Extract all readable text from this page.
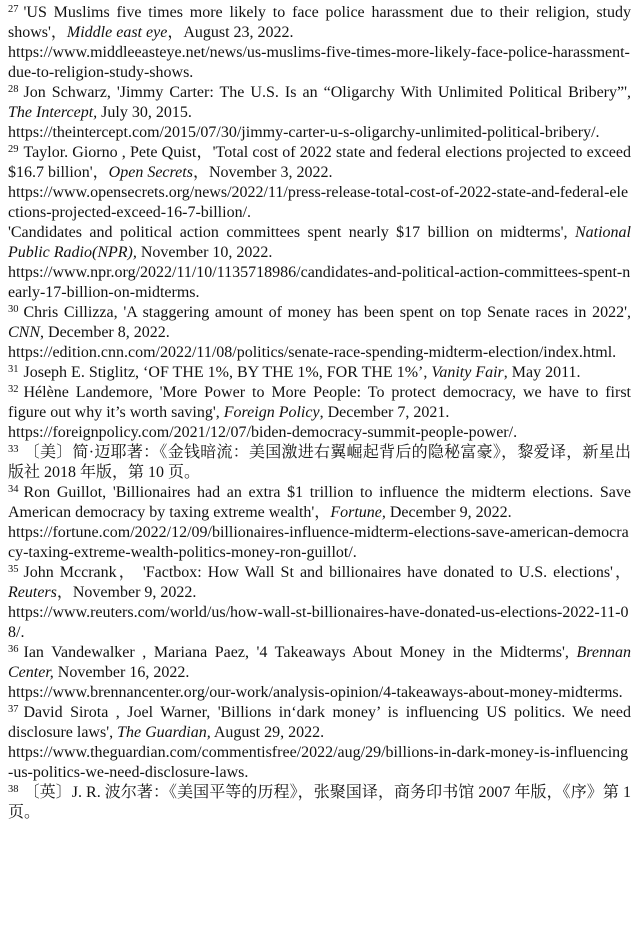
$^{27}$ 'US Muslims five times more likely to face police harassment due to their religion, study shows'，Middle east eye，August 23, 2022.
https://www.middleeasteye.net/news/us-muslims-five-times-more-likely-face-police-harassment-due-to-religion-study-shows.

$^{28}$ Jon Schwarz, 'Jimmy Carter: The U.S. Is an “Oligarchy With Unlimited Political Bribery”', The Intercept, July 30, 2015.
https://theintercept.com/2015/07/30/jimmy-carter-u-s-oligarchy-unlimited-political-bribery/.

$^{29}$ Taylor. Giorno , Pete Quist，'Total cost of 2022 state and federal elections projected to exceed $16.7 billion'，Open Secrets，November 3, 2022.
https://www.opensecrets.org/news/2022/11/press-release-total-cost-of-2022-state-and-federal-elections-projected-exceed-16-7-billion/.
'Candidates and political action committees spent nearly $17 billion on midterms', National Public Radio(NPR), November 10, 2022.
https://www.npr.org/2022/11/10/1135718986/candidates-and-political-action-committees-spent-nearly-17-billion-on-midterms.

$^{30}$ Chris Cillizza, 'A staggering amount of money has been spent on top Senate races in 2022', CNN, December 8, 2022.
https://edition.cnn.com/2022/11/08/politics/senate-race-spending-midterm-election/index.html.

$^{31}$ Joseph E. Stiglitz, ‘OF THE 1%, BY THE 1%, FOR THE 1%’, Vanity Fair, May 2011.

$^{32}$ Hélène Landemore, 'More Power to More People: To protect democracy, we have to first figure out why it’s worth saving', Foreign Policy, December 7, 2021.
https://foreignpolicy.com/2021/12/07/biden-democracy-summit-people-power/.

$^{33}$ 〔美〕简·迈耶著：《金钱暗流：美国激进右翼崛起背后的隐秘富豪》，黎爱译，新星出版社 2018 年版，第 10 页。

$^{34}$ Ron Guillot, 'Billionaires had an extra $1 trillion to influence the midterm elections. Save American democracy by taxing extreme wealth'，Fortune, December 9, 2022.
https://fortune.com/2022/12/09/billionaires-influence-midterm-elections-save-american-democracy-taxing-extreme-wealth-politics-money-ron-guillot/.

$^{35}$ John Mccrank， 'Factbox: How Wall St and billionaires have donated to U.S. elections'，Reuters，November 9, 2022.
https://www.reuters.com/world/us/how-wall-st-billionaires-have-donated-us-elections-2022-11-08/.

$^{36}$ Ian Vandewalker , Mariana Paez, '4 Takeaways About Money in the Midterms', Brennan Center, November 16, 2022.
https://www.brennancenter.org/our-work/analysis-opinion/4-takeaways-about-money-midterms.

$^{37}$ David Sirota , Joel Warner, 'Billions in‘dark money’ is influencing US politics. We need disclosure laws', The Guardian, August 29, 2022.
https://www.theguardian.com/commentisfree/2022/aug/29/billions-in-dark-money-is-influencing-us-politics-we-need-disclosure-laws.

$^{38}$ 〔英〕J. R. 波尔著：《美国平等的历程》，张聚国译，商务印书馆 2007 年版，《序》第 1 页。
